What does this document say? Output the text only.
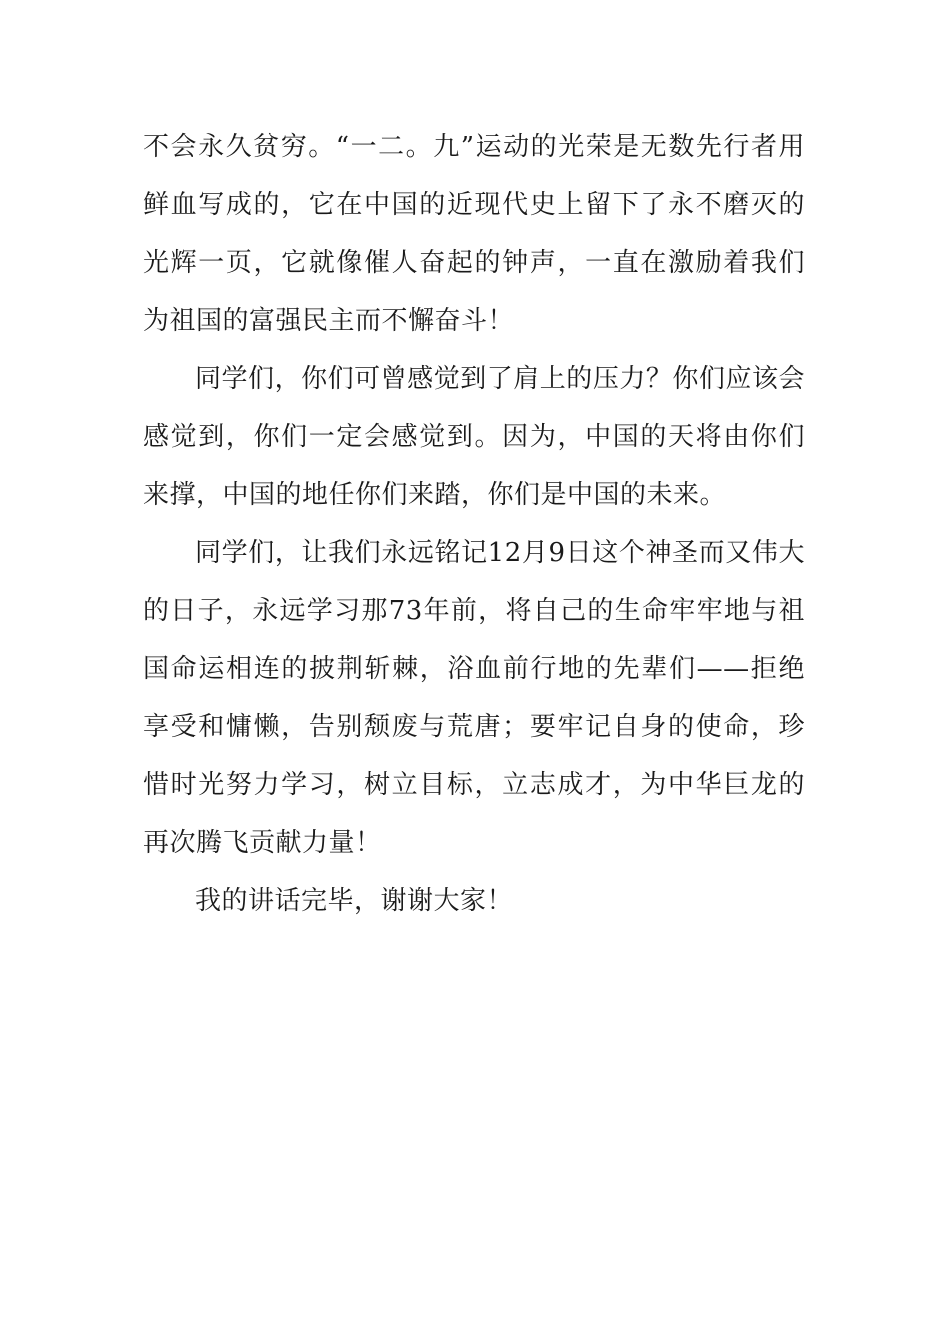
不会永久贫穷。“一二。九”运动的光荣是无数先行者用鲜血写成的，它在中国的近现代史上留下了永不磨灭的光辉一页，它就像催人奋起的钟声，一直在激励着我们为祖国的富强民主而不懈奋斗！

同学们，你们可曾感觉到了肩上的压力？你们应该会感觉到，你们一定会感觉到。因为，中国的天将由你们来撑，中国的地任你们来踏，你们是中国的未来。

同学们，让我们永远铭记12月9日这个神圣而又伟大的日子，永远学习那73年前，将自己的生命牢牢地与祖国命运相连的披荆斩棘，浴血前行地的先辈们——拒绝享受和慵懒，告别颓废与荒唐；要牢记自身的使命，珍惜时光努力学习，树立目标，立志成才，为中华巨龙的再次腾飞贡献力量！

我的讲话完毕，谢谢大家！
